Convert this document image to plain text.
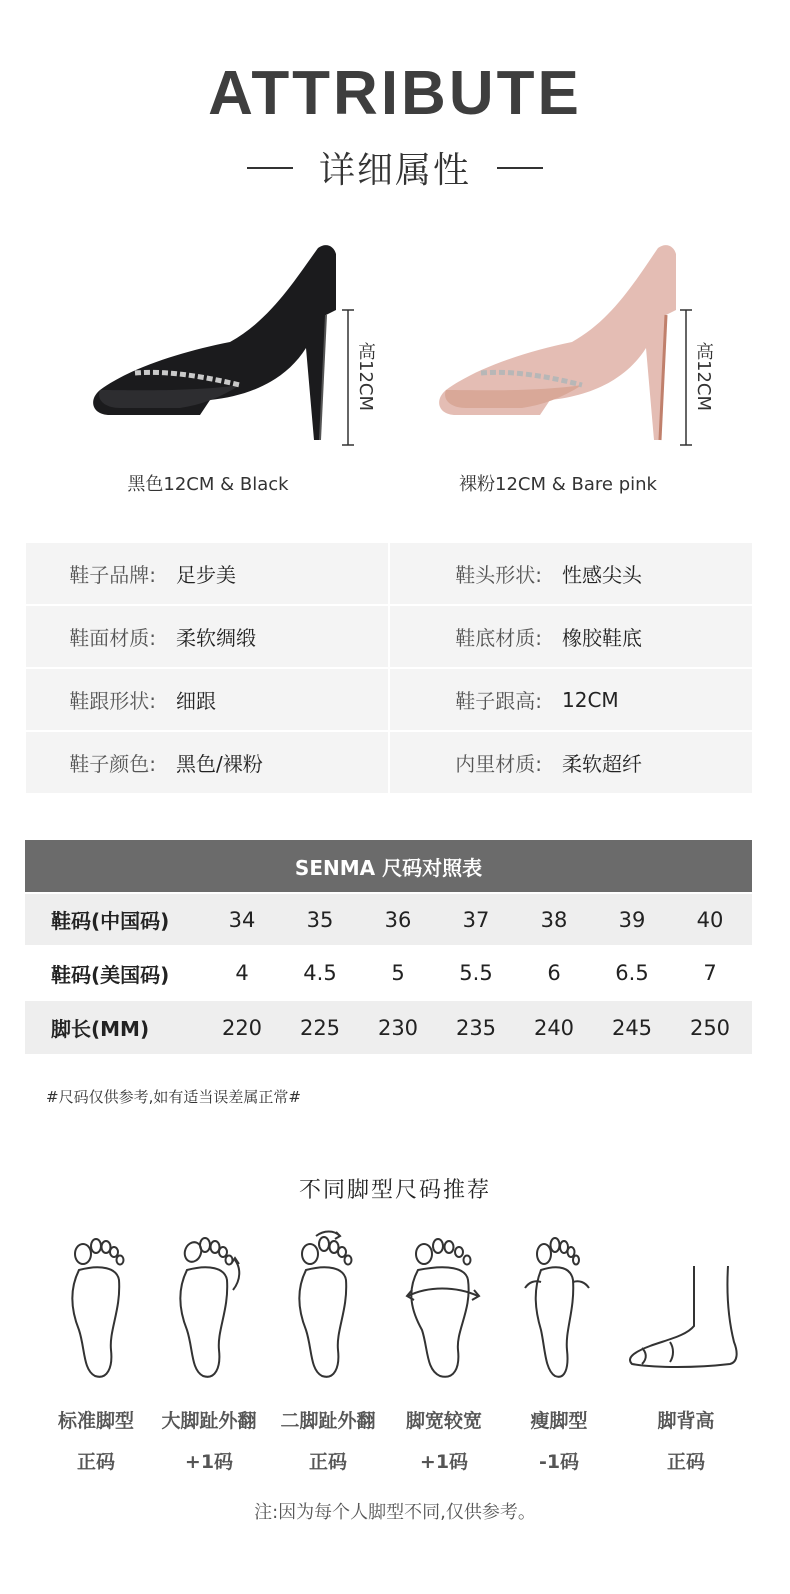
ATTRIBUTE
详细属性
高12CM
黑色12CM & Black
高12CM
裸粉12CM & Bare pink
鞋子品牌: 足步美	鞋头形状: 性感尖头
鞋面材质: 柔软绸缎	鞋底材质: 橡胶鞋底
鞋跟形状: 细跟	鞋子跟高: 12CM
鞋子颜色: 黑色/裸粉	内里材质: 柔软超纤
SENMA 尺码对照表
鞋码(中国码)	34	35	36	37	38	39	40
鞋码(美国码)	4	4.5	5	5.5	6	6.5	7
脚长(MM)	220	225	230	235	240	245	250
#尺码仅供参考,如有适当误差属正常#
不同脚型尺码推荐
标准脚型
正码
大脚趾外翻
+1码
二脚趾外翻
正码
脚宽较宽
+1码
瘦脚型
-1码
脚背高
正码
注:因为每个人脚型不同,仅供参考。
